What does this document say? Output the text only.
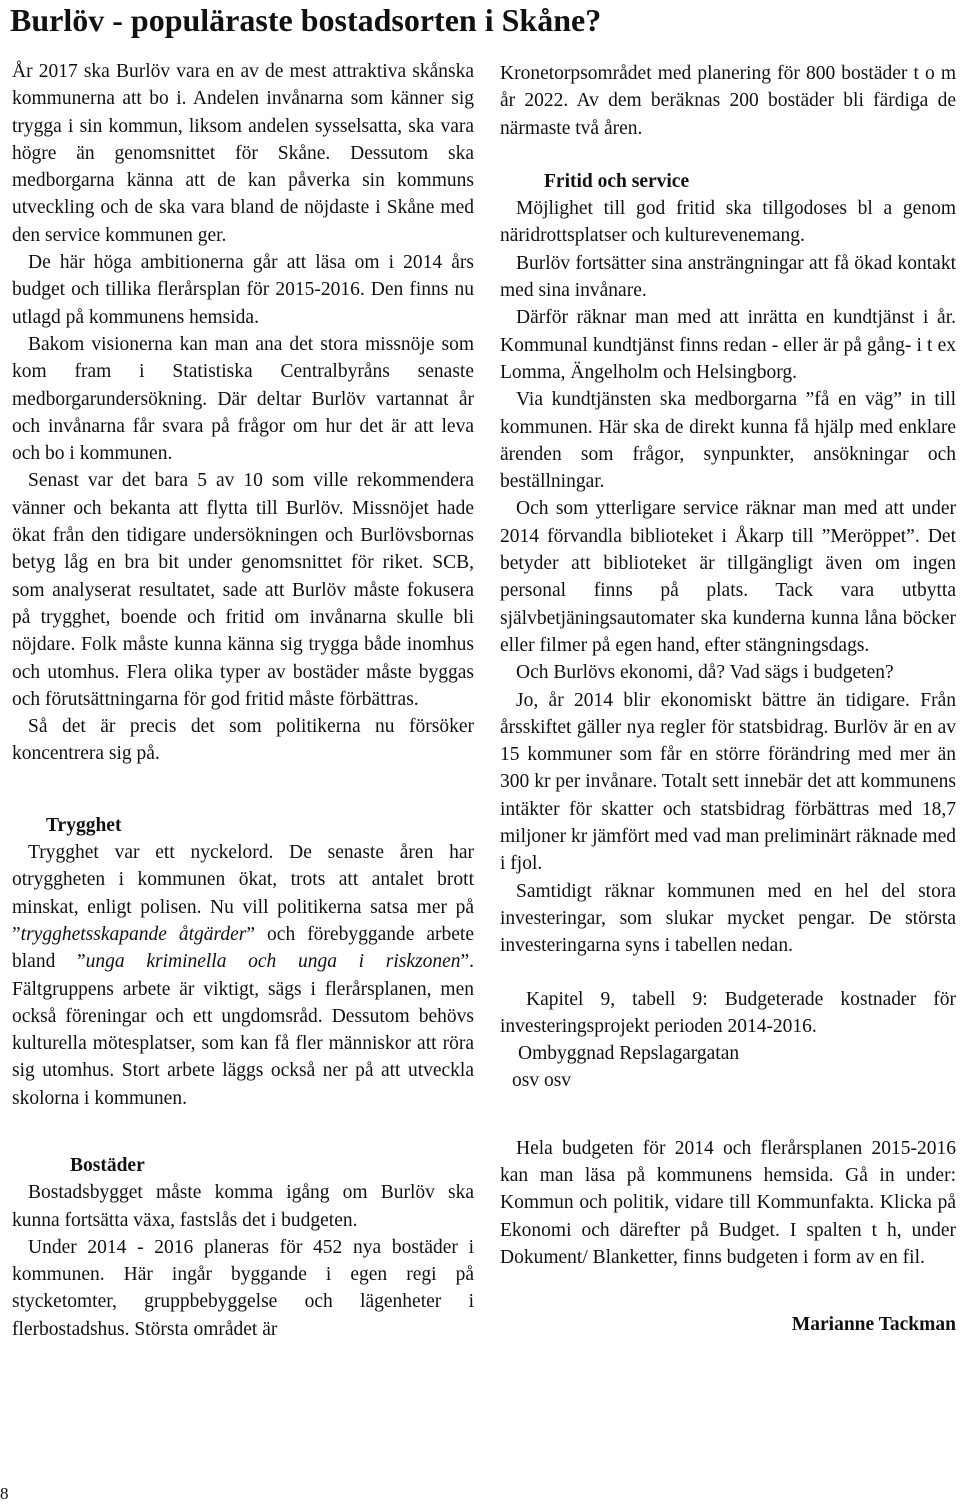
Burlöv - populäraste bostadsorten i Skåne?

År 2017 ska Burlöv vara en av de mest attraktiva skånska kommunerna att bo i. Andelen invånarna som känner sig trygga i sin kommun, liksom andelen sysselsatta, ska vara högre än genomsnittet för Skåne. Dessutom ska medborgarna känna att de kan påverka sin kommuns utveckling och de ska vara bland de nöjdaste i Skåne med den service kommunen ger.

De här höga ambitionerna går att läsa om i 2014 års budget och tillika flerårsplan för 2015-2016. Den finns nu utlagd på kommunens hemsida.

Bakom visionerna kan man ana det stora missnöje som kom fram i Statistiska Centralbyråns senaste medborgarundersökning. Där deltar Burlöv vartannat år och invånarna får svara på frågor om hur det är att leva och bo i kommunen.

Senast var det bara 5 av 10 som ville rekommendera vänner och bekanta att flytta till Burlöv. Missnöjet hade ökat från den tidigare undersökningen och Burlövsbornas betyg låg en bra bit under genomsnittet för riket. SCB, som analyserat resultatet, sade att Burlöv måste fokusera på trygghet, boende och fritid om invånarna skulle bli nöjdare. Folk måste kunna känna sig trygga både inomhus och utomhus. Flera olika typer av bostäder måste byggas och förutsättningarna för god fritid måste förbättras.

Så det är precis det som politikerna nu försöker koncentrera sig på.

Trygghet

Trygghet var ett nyckelord. De senaste åren har otryggheten i kommunen ökat, trots att antalet brott minskat, enligt polisen. Nu vill politikerna satsa mer på ”trygghetsskapande åtgärder” och förebyggande arbete bland ”unga kriminella och unga i riskzonen”. Fältgruppens arbete är viktigt, sägs i flerårsplanen, men också föreningar och ett ungdomsråd. Dessutom behövs kulturella mötesplatser, som kan få fler människor att röra sig utomhus. Stort arbete läggs också ner på att utveckla skolorna i kommunen.

Bostäder

Bostadsbygget måste komma igång om Burlöv ska kunna fortsätta växa, fastslås det i budgeten.

Under 2014 - 2016 planeras för 452 nya bostäder i kommunen. Här ingår byggande i egen regi på stycketomter, gruppbebyggelse och lägenheter i flerbostadshus. Största området är

Kronetorpsområdet med planering för 800 bostäder t o m år 2022. Av dem beräknas 200 bostäder bli färdiga de närmaste två åren.

Fritid och service

Möjlighet till god fritid ska tillgodoses bl a genom näridrottsplatser och kulturevenemang.

Burlöv fortsätter sina ansträngningar att få ökad kontakt med sina invånare.

Därför räknar man med att inrätta en kundtjänst i år. Kommunal kundtjänst finns redan - eller är på gång- i t ex Lomma, Ängelholm och Helsingborg.

Via kundtjänsten ska medborgarna ”få en väg” in till kommunen. Här ska de direkt kunna få hjälp med enklare ärenden som frågor, synpunkter, ansökningar och beställningar.

Och som ytterligare service räknar man med att under 2014 förvandla biblioteket i Åkarp till ”Meröppet”. Det betyder att biblioteket är tillgängligt även om ingen personal finns på plats. Tack vara utbytta självbetjäningsautomater ska kunderna kunna låna böcker eller filmer på egen hand, efter stängningsdags.

Och Burlövs ekonomi, då? Vad sägs i budgeten?

Jo, år 2014 blir ekonomiskt bättre än tidigare. Från årsskiftet gäller nya regler för statsbidrag. Burlöv är en av 15 kommuner som får en större förändring med mer än 300 kr per invånare. Totalt sett innebär det att kommunens intäkter för skatter och statsbidrag förbättras med 18,7 miljoner kr jämfört med vad man preliminärt räknade med i fjol.

Samtidigt räknar kommunen med en hel del stora investeringar, som slukar mycket pengar. De största investeringarna syns i tabellen nedan.

Kapitel 9, tabell 9: Budgeterade kostnader för investeringsprojekt perioden 2014-2016.

Ombyggnad Repslagargatan

osv osv

Hela budgeten för 2014 och flerårsplanen 2015-2016 kan man läsa på kommunens hemsida. Gå in under: Kommun och politik, vidare till Kommunfakta. Klicka på Ekonomi och därefter på Budget. I spalten t h, under Dokument/ Blanketter, finns budgeten i form av en fil.

Marianne Tackman

8
